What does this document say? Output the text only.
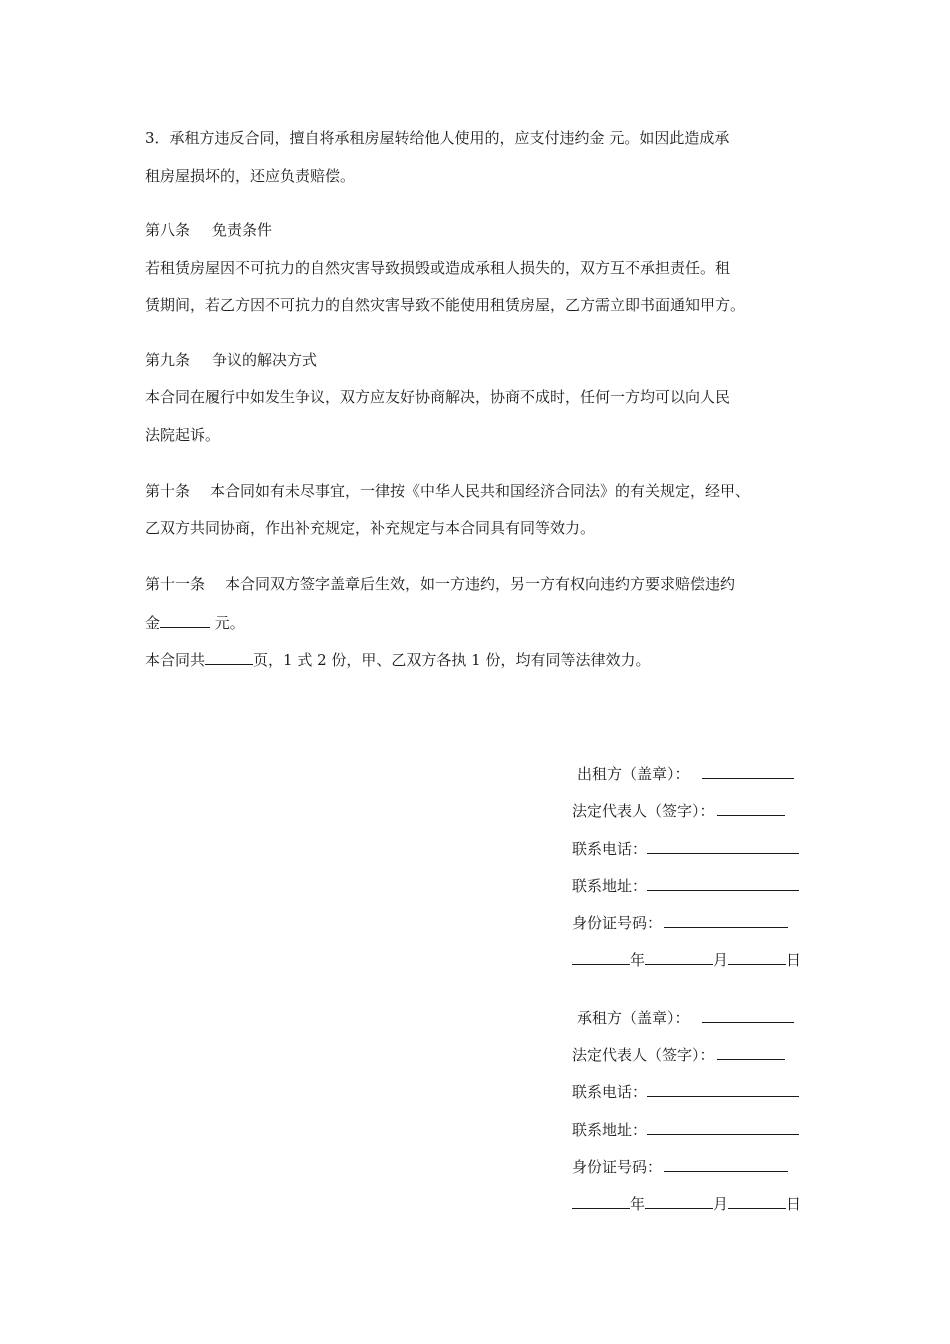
3．承租方违反合同，擅自将承租房屋转给他人使用的，应支付违约金 元。如因此造成承
租房屋损坏的，还应负责赔偿。
第八条 免责条件
若租赁房屋因不可抗力的自然灾害导致损毁或造成承租人损失的，双方互不承担责任。租
赁期间，若乙方因不可抗力的自然灾害导致不能使用租赁房屋，乙方需立即书面通知甲方。
第九条 争议的解决方式
本合同在履行中如发生争议，双方应友好协商解决，协商不成时，任何一方均可以向人民
法院起诉。
第十条 本合同如有未尽事宜，一律按《中华人民共和国经济合同法》的有关规定，经甲、
乙双方共同协商，作出补充规定，补充规定与本合同具有同等效力。
第十一条 本合同双方签字盖章后生效，如一方违约，另一方有权向违约方要求赔偿违约
金	元。
本合同共	页，1 式 2 份，甲、乙双方各执 1 份，均有同等法律效力。
出租方（盖章）：
法定代表人（签字）：
联系电话：
联系地址：
身份证号码：
年	月	日
承租方（盖章）：
法定代表人（签字）：
联系电话：
联系地址：
身份证号码：
年	月	日
